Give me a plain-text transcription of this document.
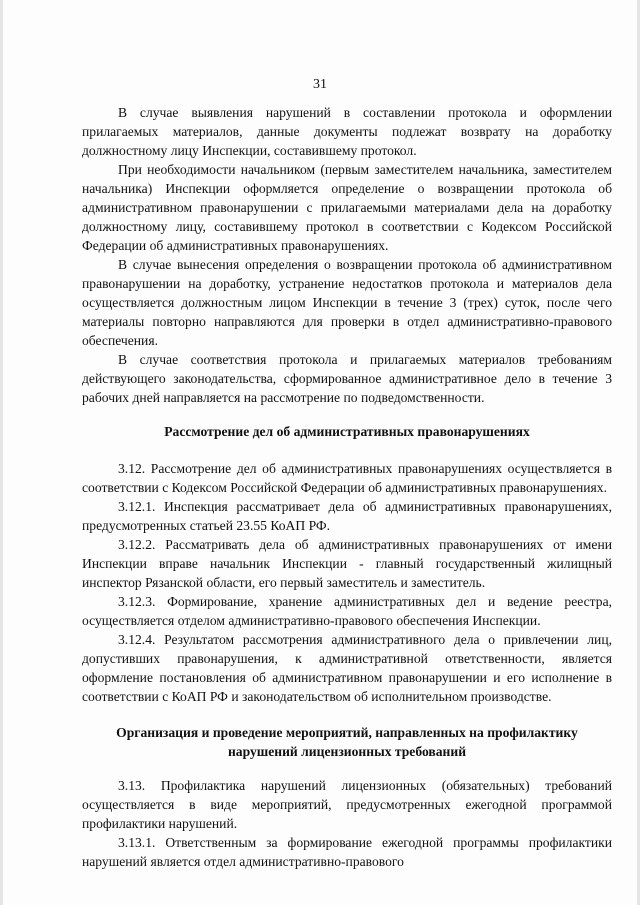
31

В случае выявления нарушений в составлении протокола и оформлении прилагаемых материалов, данные документы подлежат возврату на доработку должностному лицу Инспекции, составившему протокол.

При необходимости начальником (первым заместителем начальника, заместителем начальника) Инспекции оформляется определение о возвращении протокола об административном правонарушении с прилагаемыми материалами дела на доработку должностному лицу, составившему протокол в соответствии с Кодексом Российской Федерации об административных правонарушениях.

В случае вынесения определения о возвращении протокола об административном правонарушении на доработку, устранение недостатков протокола и материалов дела осуществляется должностным лицом Инспекции в течение 3 (трех) суток, после чего материалы повторно направляются для проверки в отдел административно-правового обеспечения.

В случае соответствия протокола и прилагаемых материалов требованиям действующего законодательства, сформированное административное дело в течение 3 рабочих дней направляется на рассмотрение по подведомственности.

Рассмотрение дел об административных правонарушениях

3.12. Рассмотрение дел об административных правонарушениях осуществляется в соответствии с Кодексом Российской Федерации об административных правонарушениях.

3.12.1. Инспекция рассматривает дела об административных правонарушениях, предусмотренных статьей 23.55 КоАП РФ.

3.12.2. Рассматривать дела об административных правонарушениях от имени Инспекции вправе начальник Инспекции - главный государственный жилищный инспектор Рязанской области, его первый заместитель и заместитель.

3.12.3. Формирование, хранение административных дел и ведение реестра, осуществляется отделом административно-правового обеспечения Инспекции.

3.12.4. Результатом рассмотрения административного дела о привлечении лиц, допустивших правонарушения, к административной ответственности, является оформление постановления об административном правонарушении и его исполнение в соответствии с КоАП РФ и законодательством об исполнительном производстве.

Организация и проведение мероприятий, направленных на профилактику нарушений лицензионных требований

3.13. Профилактика нарушений лицензионных (обязательных) требований осуществляется в виде мероприятий, предусмотренных ежегодной программой профилактики нарушений.

3.13.1. Ответственным за формирование ежегодной программы профилактики нарушений является отдел административно-правового
